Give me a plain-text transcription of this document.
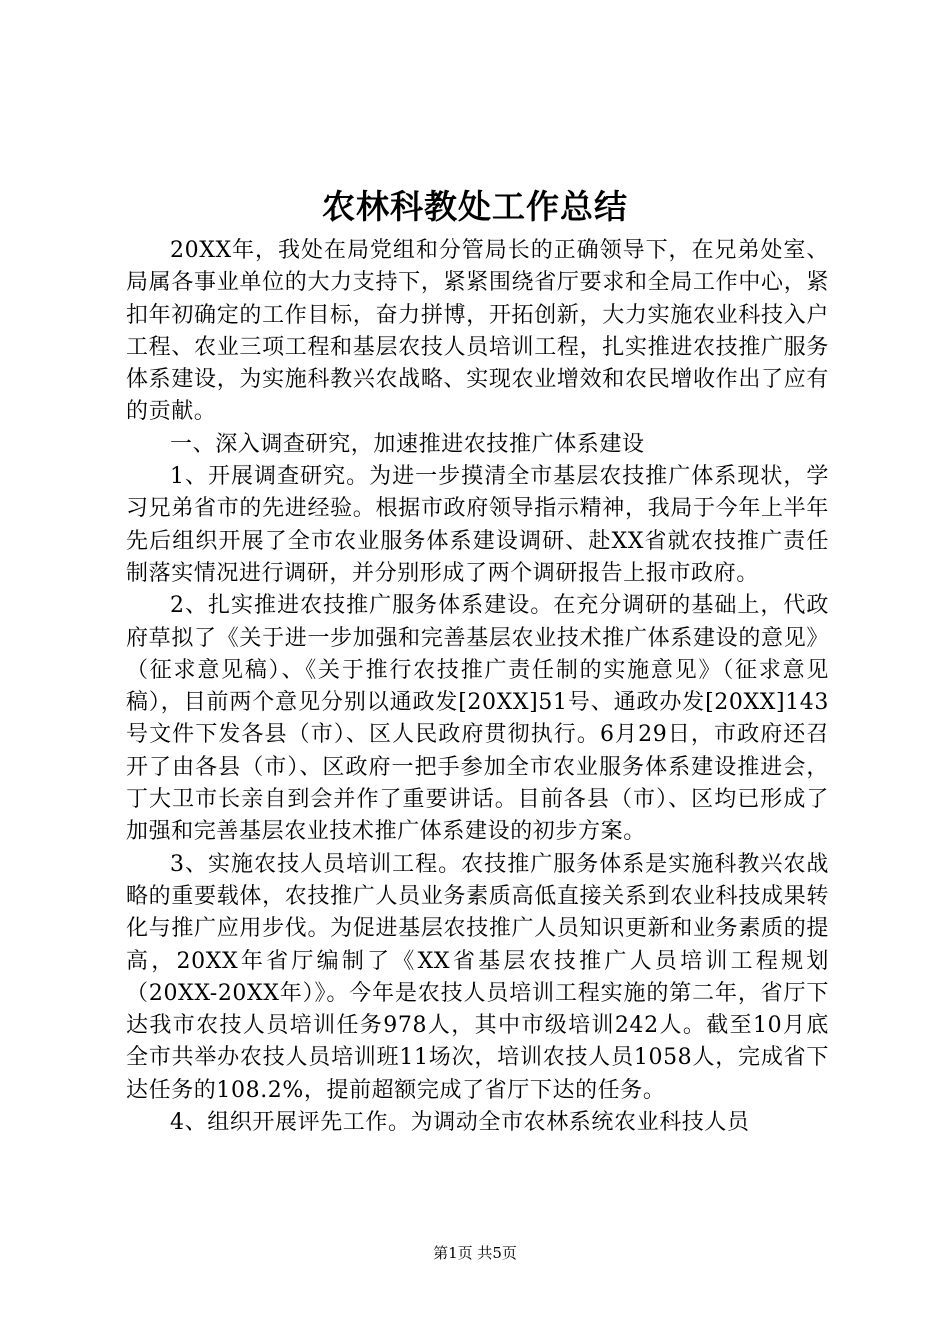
农林科教处工作总结

20XX年，我处在局党组和分管局长的正确领导下，在兄弟处室、局属各事业单位的大力支持下，紧紧围绕省厅要求和全局工作中心，紧扣年初确定的工作目标，奋力拼博，开拓创新，大力实施农业科技入户工程、农业三项工程和基层农技人员培训工程，扎实推进农技推广服务体系建设，为实施科教兴农战略、实现农业增效和农民增收作出了应有的贡献。

一、深入调查研究，加速推进农技推广体系建设

1、开展调查研究。为进一步摸清全市基层农技推广体系现状，学习兄弟省市的先进经验。根据市政府领导指示精神，我局于今年上半年先后组织开展了全市农业服务体系建设调研、赴XX省就农技推广责任制落实情况进行调研，并分别形成了两个调研报告上报市政府。

2、扎实推进农技推广服务体系建设。在充分调研的基础上，代政府草拟了《关于进一步加强和完善基层农业技术推广体系建设的意见》（征求意见稿）、《关于推行农技推广责任制的实施意见》（征求意见稿），目前两个意见分别以通政发[20XX]51号、通政办发[20XX]143号文件下发各县（市）、区人民政府贯彻执行。6月29日，市政府还召开了由各县（市）、区政府一把手参加全市农业服务体系建设推进会，丁大卫市长亲自到会并作了重要讲话。目前各县（市）、区均已形成了加强和完善基层农业技术推广体系建设的初步方案。

3、实施农技人员培训工程。农技推广服务体系是实施科教兴农战略的重要载体，农技推广人员业务素质高低直接关系到农业科技成果转化与推广应用步伐。为促进基层农技推广人员知识更新和业务素质的提高，20XX年省厅编制了《XX省基层农技推广人员培训工程规划（20XX-20XX年）》。今年是农技人员培训工程实施的第二年，省厅下达我市农技人员培训任务978人，其中市级培训242人。截至10月底全市共举办农技人员培训班11场次，培训农技人员1058人，完成省下达任务的108.2%，提前超额完成了省厅下达的任务。

4、组织开展评先工作。为调动全市农林系统农业科技人员

第1页 共5页
